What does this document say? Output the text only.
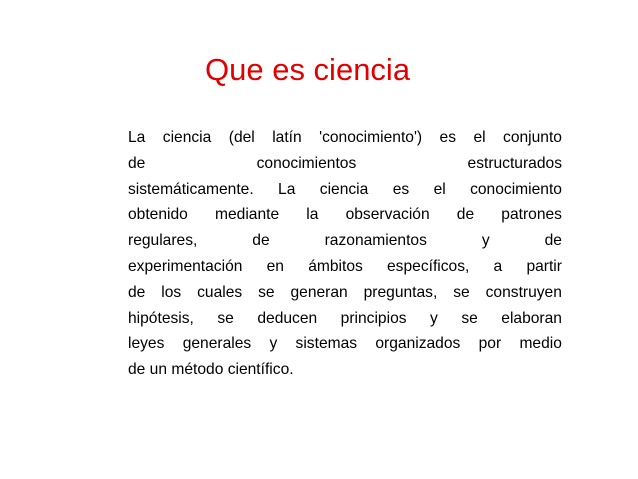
Que es ciencia
La ciencia (del latín 'conocimiento') es el conjunto
de	conocimientos	estructurados
sistemáticamente. La ciencia es el conocimiento
obtenido mediante la observación de patrones
regulares,	de	razonamientos	y	de
experimentación en ámbitos específicos, a partir
de los cuales se generan preguntas, se construyen
hipótesis, se deducen principios y se elaboran
leyes generales y sistemas organizados por medio
de un método científico.
